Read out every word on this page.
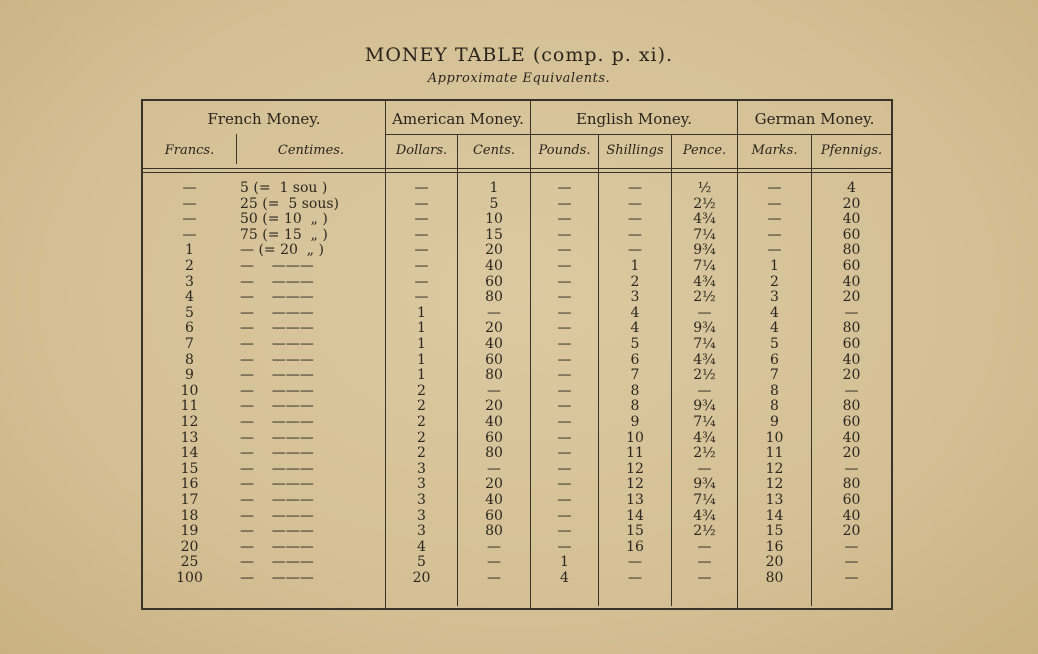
MONEY TABLE (comp. p. xi).
Approximate Equivalents.
French Money.	American Money.	English Money.	German Money.
Francs.	Centimes.	Dollars.	Cents.	Pounds.	Shillings	Pence.	Marks.	Pfennigs.
—	5 (=  1 sou )	—	1	—	—	½	—	4
—	25 (=  5 sous)	—	5	—	—	2½	—	20
—	50 (= 10  „ )	—	10	—	—	4¾	—	40
—	75 (= 15  „ )	—	15	—	—	7¼	—	60
1	— (= 20  „ )	—	20	—	—	9¾	—	80
2	—    ———	—	40	—	1	7¼	1	60
3	—    ———	—	60	—	2	4¾	2	40
4	—    ———	—	80	—	3	2½	3	20
5	—    ———	1	—	—	4	—	4	—
6	—    ———	1	20	—	4	9¾	4	80
7	—    ———	1	40	—	5	7¼	5	60
8	—    ———	1	60	—	6	4¾	6	40
9	—    ———	1	80	—	7	2½	7	20
10	—    ———	2	—	—	8	—	8	—
11	—    ———	2	20	—	8	9¾	8	80
12	—    ———	2	40	—	9	7¼	9	60
13	—    ———	2	60	—	10	4¾	10	40
14	—    ———	2	80	—	11	2½	11	20
15	—    ———	3	—	—	12	—	12	—
16	—    ———	3	20	—	12	9¾	12	80
17	—    ———	3	40	—	13	7¼	13	60
18	—    ———	3	60	—	14	4¾	14	40
19	—    ———	3	80	—	15	2½	15	20
20	—    ———	4	—	—	16	—	16	—
25	—    ———	5	—	1	—	—	20	—
100	—    ———	20	—	4	—	—	80	—
